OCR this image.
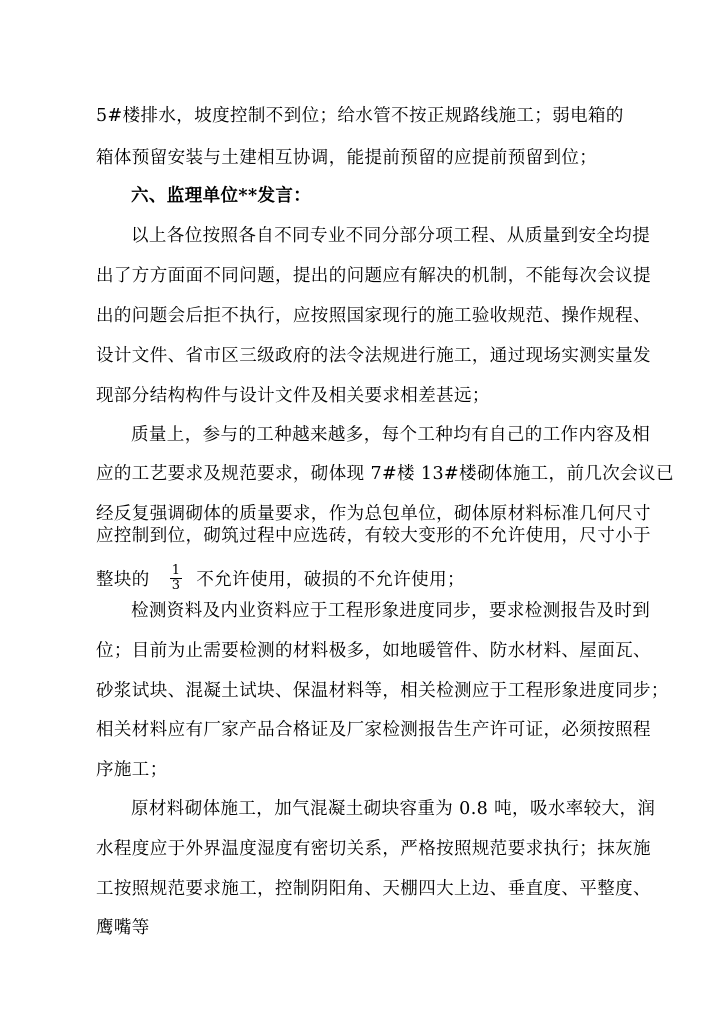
5#楼排水，坡度控制不到位；给水管不按正规路线施工；弱电箱的
箱体预留安装与土建相互协调，能提前预留的应提前预留到位；
六、监理单位**发言：
以上各位按照各自不同专业不同分部分项工程、从质量到安全均提
出了方方面面不同问题，提出的问题应有解决的机制，不能每次会议提
出的问题会后拒不执行，应按照国家现行的施工验收规范、操作规程、
设计文件、省市区三级政府的法令法规进行施工，通过现场实测实量发
现部分结构构件与设计文件及相关要求相差甚远；
质量上，参与的工种越来越多，每个工种均有自己的工作内容及相
应的工艺要求及规范要求，砌体现 7#楼 13#楼砌体施工，前几次会议已
经反复强调砌体的质量要求，作为总包单位，砌体原材料标准几何尺寸
应控制到位，砌筑过程中应选砖，有较大变形的不允许使用，尺寸小于
整块的 $\frac{1}{3}$ 不允许使用，破损的不允许使用；
检测资料及内业资料应于工程形象进度同步，要求检测报告及时到
位；目前为止需要检测的材料极多，如地暖管件、防水材料、屋面瓦、
砂浆试块、混凝土试块、保温材料等，相关检测应于工程形象进度同步；
相关材料应有厂家产品合格证及厂家检测报告生产许可证，必须按照程
序施工；
原材料砌体施工，加气混凝土砌块容重为 0.8 吨，吸水率较大，润
水程度应于外界温度湿度有密切关系，严格按照规范要求执行；抹灰施
工按照规范要求施工，控制阴阳角、天棚四大上边、垂直度、平整度、
鹰嘴等
